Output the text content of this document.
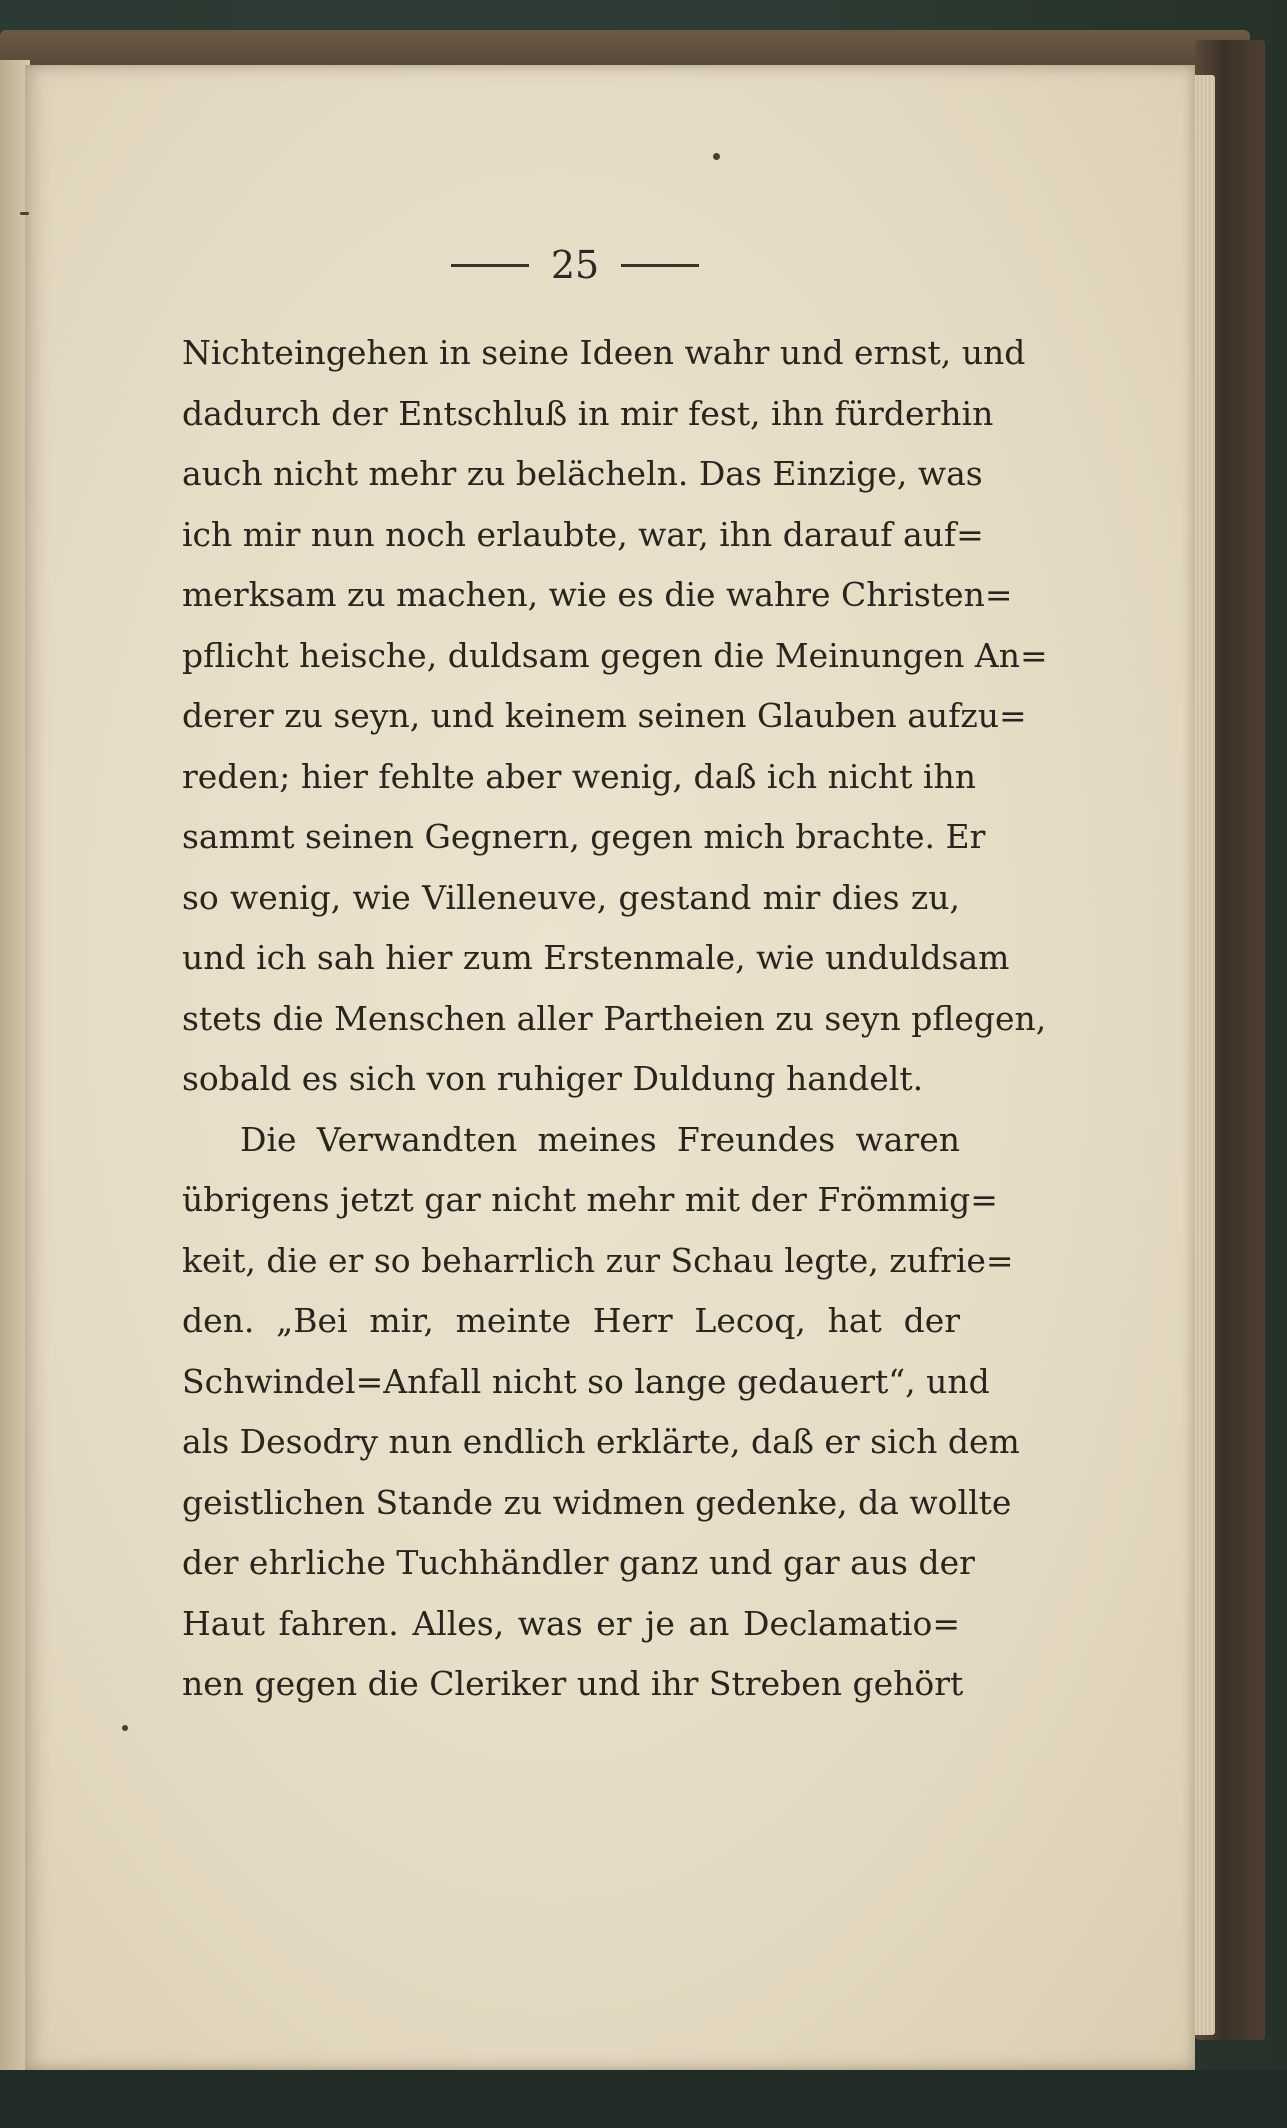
25
Nichteingehen in seine Ideen wahr und ernst, und
dadurch der Entschluß in mir fest, ihn fürderhin
auch nicht mehr zu belächeln. Das Einzige, was
ich mir nun noch erlaubte, war, ihn darauf auf=
merksam zu machen, wie es die wahre Christen=
pflicht heische, duldsam gegen die Meinungen An=
derer zu seyn, und keinem seinen Glauben aufzu=
reden; hier fehlte aber wenig, daß ich nicht ihn
sammt seinen Gegnern, gegen mich brachte. Er
so wenig, wie Villeneuve, gestand mir dies zu,
und ich sah hier zum Erstenmale, wie unduldsam
stets die Menschen aller Partheien zu seyn pflegen,
sobald es sich von ruhiger Duldung handelt.
Die Verwandten meines Freundes waren
übrigens jetzt gar nicht mehr mit der Frömmig=
keit, die er so beharrlich zur Schau legte, zufrie=
den. „Bei mir, meinte Herr Lecoq, hat der
Schwindel=Anfall nicht so lange gedauert“, und
als Desodry nun endlich erklärte, daß er sich dem
geistlichen Stande zu widmen gedenke, da wollte
der ehrliche Tuchhändler ganz und gar aus der
Haut fahren. Alles, was er je an Declamatio=
nen gegen die Cleriker und ihr Streben gehört
